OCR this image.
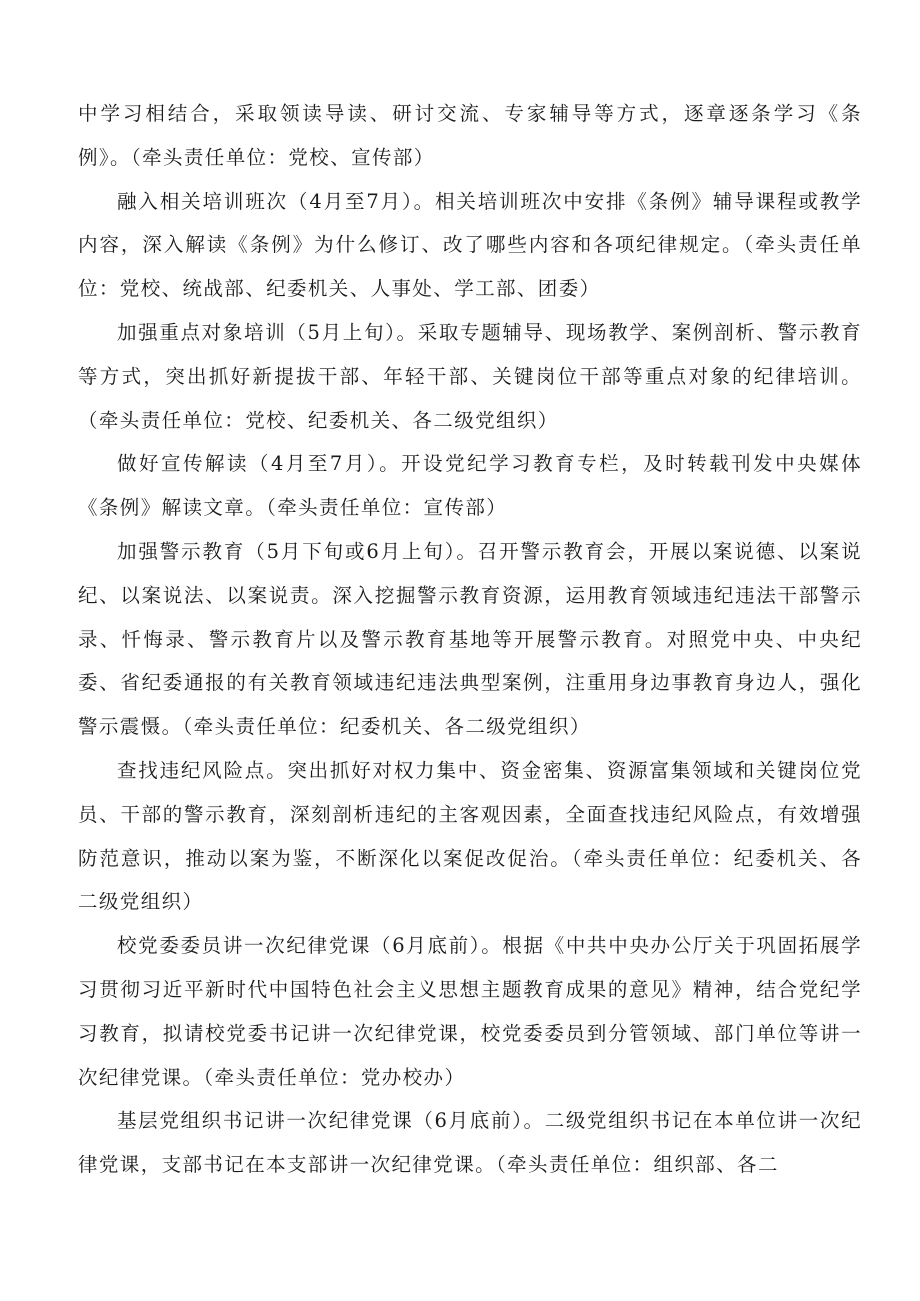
中学习相结合，采取领读导读、研讨交流、专家辅导等方式，逐章逐条学习《条例》。（牵头责任单位：党校、宣传部）

融入相关培训班次（4月至7月）。相关培训班次中安排《条例》辅导课程或教学内容，深入解读《条例》为什么修订、改了哪些内容和各项纪律规定。（牵头责任单位：党校、统战部、纪委机关、人事处、学工部、团委）

加强重点对象培训（5月上旬）。采取专题辅导、现场教学、案例剖析、警示教育等方式，突出抓好新提拔干部、年轻干部、关键岗位干部等重点对象的纪律培训。（牵头责任单位：党校、纪委机关、各二级党组织）

做好宣传解读（4月至7月）。开设党纪学习教育专栏，及时转载刊发中央媒体《条例》解读文章。（牵头责任单位：宣传部）

加强警示教育（5月下旬或6月上旬）。召开警示教育会，开展以案说德、以案说纪、以案说法、以案说责。深入挖掘警示教育资源，运用教育领域违纪违法干部警示录、忏悔录、警示教育片以及警示教育基地等开展警示教育。对照党中央、中央纪委、省纪委通报的有关教育领域违纪违法典型案例，注重用身边事教育身边人，强化警示震慑。（牵头责任单位：纪委机关、各二级党组织）

查找违纪风险点。突出抓好对权力集中、资金密集、资源富集领域和关键岗位党员、干部的警示教育，深刻剖析违纪的主客观因素，全面查找违纪风险点，有效增强防范意识，推动以案为鉴，不断深化以案促改促治。（牵头责任单位：纪委机关、各二级党组织）

校党委委员讲一次纪律党课（6月底前）。根据《中共中央办公厅关于巩固拓展学习贯彻习近平新时代中国特色社会主义思想主题教育成果的意见》精神，结合党纪学习教育，拟请校党委书记讲一次纪律党课，校党委委员到分管领域、部门单位等讲一次纪律党课。（牵头责任单位：党办校办）

基层党组织书记讲一次纪律党课（6月底前）。二级党组织书记在本单位讲一次纪律党课，支部书记在本支部讲一次纪律党课。（牵头责任单位：组织部、各二
